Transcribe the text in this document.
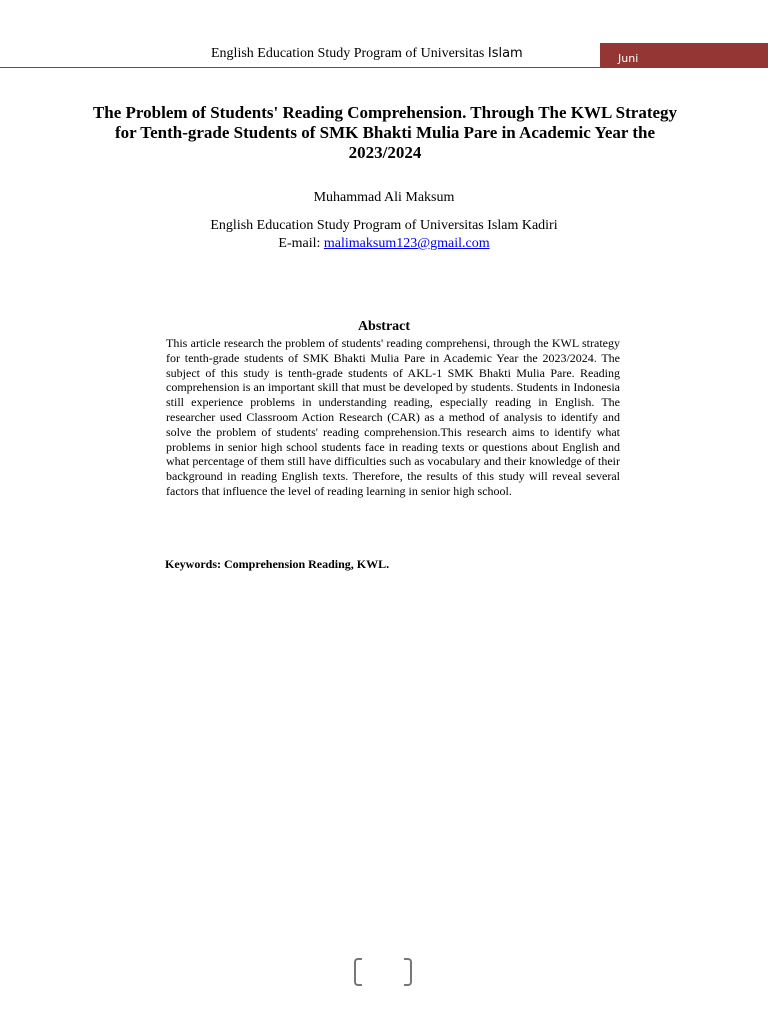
English Education Study Program of Universitas Islam	Juni
The Problem of Students' Reading Comprehension. Through The KWL Strategy for Tenth-grade Students of SMK Bhakti Mulia Pare in Academic Year the 2023/2024
Muhammad Ali Maksum
English Education Study Program of Universitas Islam Kadiri
E-mail: malimaksum123@gmail.com
Abstract

This article research the problem of students' reading comprehensi, through the KWL strategy for tenth-grade students of SMK Bhakti Mulia Pare in Academic Year the 2023/2024. The subject of this study is tenth-grade students of AKL-1 SMK Bhakti Mulia Pare. Reading comprehension is an important skill that must be developed by students. Students in Indonesia still experience problems in understanding reading, especially reading in English. The researcher used Classroom Action Research (CAR) as a method of analysis to identify and solve the problem of students' reading comprehension.This research aims to identify what problems in senior high school students face in reading texts or questions about English and what percentage of them still have difficulties such as vocabulary and their knowledge of their background in reading English texts. Therefore, the results of this study will reveal several factors that influence the level of reading learning in senior high school.

Keywords: Comprehension Reading, KWL.
